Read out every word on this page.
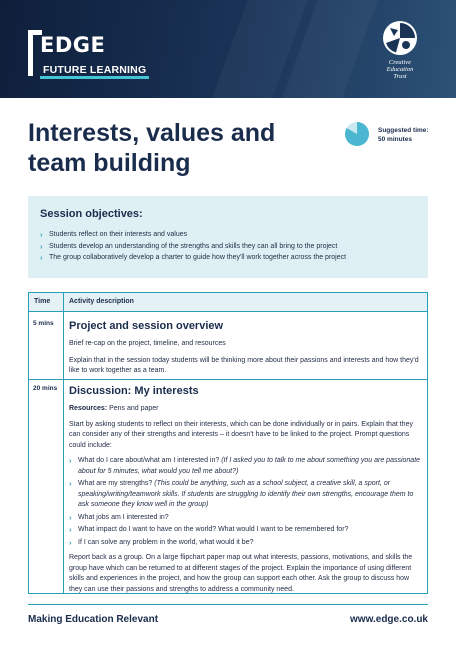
EDGE
FUTURE LEARNING
Creative
Education
Trust
Interests, values and team building
Suggested time:
50 minutes
Session objectives:
› Students reflect on their interests and values
› Students develop an understanding of the strengths and skills they can all bring to the project
› The group collaboratively develop a charter to guide how they'll work together across the project
Time	Activity description
5 mins Project and session overview
Brief re-cap on the project, timeline, and resources
Explain that in the session today students will be thinking more about their passions and interests and how they'd like to work together as a team.
20 mins Discussion: My interests
Resources: Pens and paper
Start by asking students to reflect on their interests, which can be done individually or in pairs. Explain that they can consider any of their strengths and interests – it doesn't have to be linked to the project. Prompt questions could include:
› What do I care about/what am I interested in? (If I asked you to talk to me about something you are passionate about for 5 minutes, what would you tell me about?)
› What are my strengths? (This could be anything, such as a school subject, a creative skill, a sport, or speaking/writing/teamwork skills. If students are struggling to identify their own strengths, encourage them to ask someone they know well in the group)
› What jobs am I interested in?
› What impact do I want to have on the world? What would I want to be remembered for?
› If I can solve any problem in the world, what would it be?
Report back as a group. On a large flipchart paper map out what interests, passions, motivations, and skills the group have which can be returned to at different stages of the project. Explain the importance of using different skills and experiences in the project, and how the group can support each other. Ask the group to discuss how they can use their passions and strengths to address a community need.
Making Education Relevant	www.edge.co.uk
